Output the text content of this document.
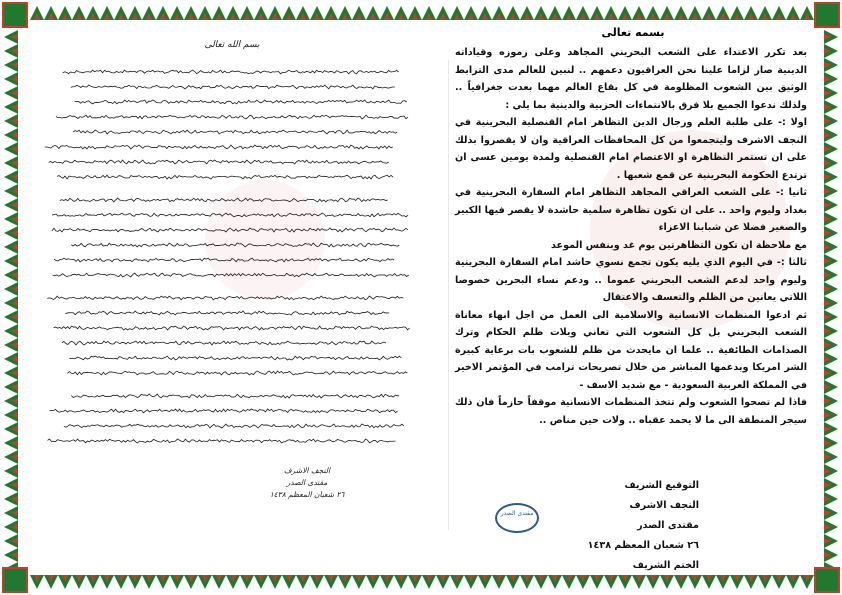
بسم الله تعالى
النجف الاشرف
مقتدى الصدر
٢٦ شعبان المعظم ١٤٣٨
مقتدى الصدر
بسمه تعالى
بعد تكرر الاعتداء على الشعب البحريني المجاهد وعلى رموزه وقياداته الدينية صار لزاما علينا نحن العراقيون دعمهم .. لنبين للعالم مدى الترابط الوثيق بين الشعوب المظلومة في كل بقاع العالم مهما بعدت جغرافياً .. ولذلك ندعوا الجميع بلا فرق بالانتماءات الحزبية والدينية بما يلي :
اولا :- على طلبة العلم ورجال الدين التظاهر امام القنصلية البحرينية في النجف الاشرف وليتجمعوا من كل المحافظات العراقية وان لا يقصروا بذلك على ان تستمر التظاهرة او الاعتصام امام القنصلية ولمدة يومين عسى ان ترتدع الحكومة البحرينية عن قمع شعبها .
ثانيا :- على الشعب العراقي المجاهد التظاهر امام السفارة البحرينية في بغداد وليوم واحد .. على ان تكون تظاهرة سلمية حاشدة لا يقصر فيها الكبير والصغير فضلا عن شبابنا الاعزاء
مع ملاحظة ان تكون التظاهرتين يوم غد وبنفس الموعد
ثالثا :- في اليوم الذي يليه يكون تجمع نسوي حاشد امام السفارة البحرينية وليوم واحد لدعم الشعب البحريني عموما .. ودعم نساء البحرين خصوصا اللاتي يعانين من الظلم والتعسف والاعتقال
ثم ادعوا المنظمات الانسانية والاسلامية الى العمل من اجل انهاء معاناة الشعب البحريني بل كل الشعوب التي تعاني ويلات ظلم الحكام وترك الصدامات الطائفية .. علما ان مايحدث من ظلم للشعوب بات برعاية كبيرة الشر امريكا وبدعمها المباشر من خلال تصريحات ترامب في المؤتمر الاخير في المملكة العربية السعودية - مع شديد الاسف -
فاذا لم تصحوا الشعوب ولم تتخذ المنظمات الانسانية موقفاً حازماً فان ذلك سيجر المنطقة الى ما لا يحمد عقباه .. ولات حين مناص ..
التوقيع الشريف
النجف الاشرف
مقتدى الصدر
٢٦ شعبان المعظم ١٤٣٨
الختم الشريف
